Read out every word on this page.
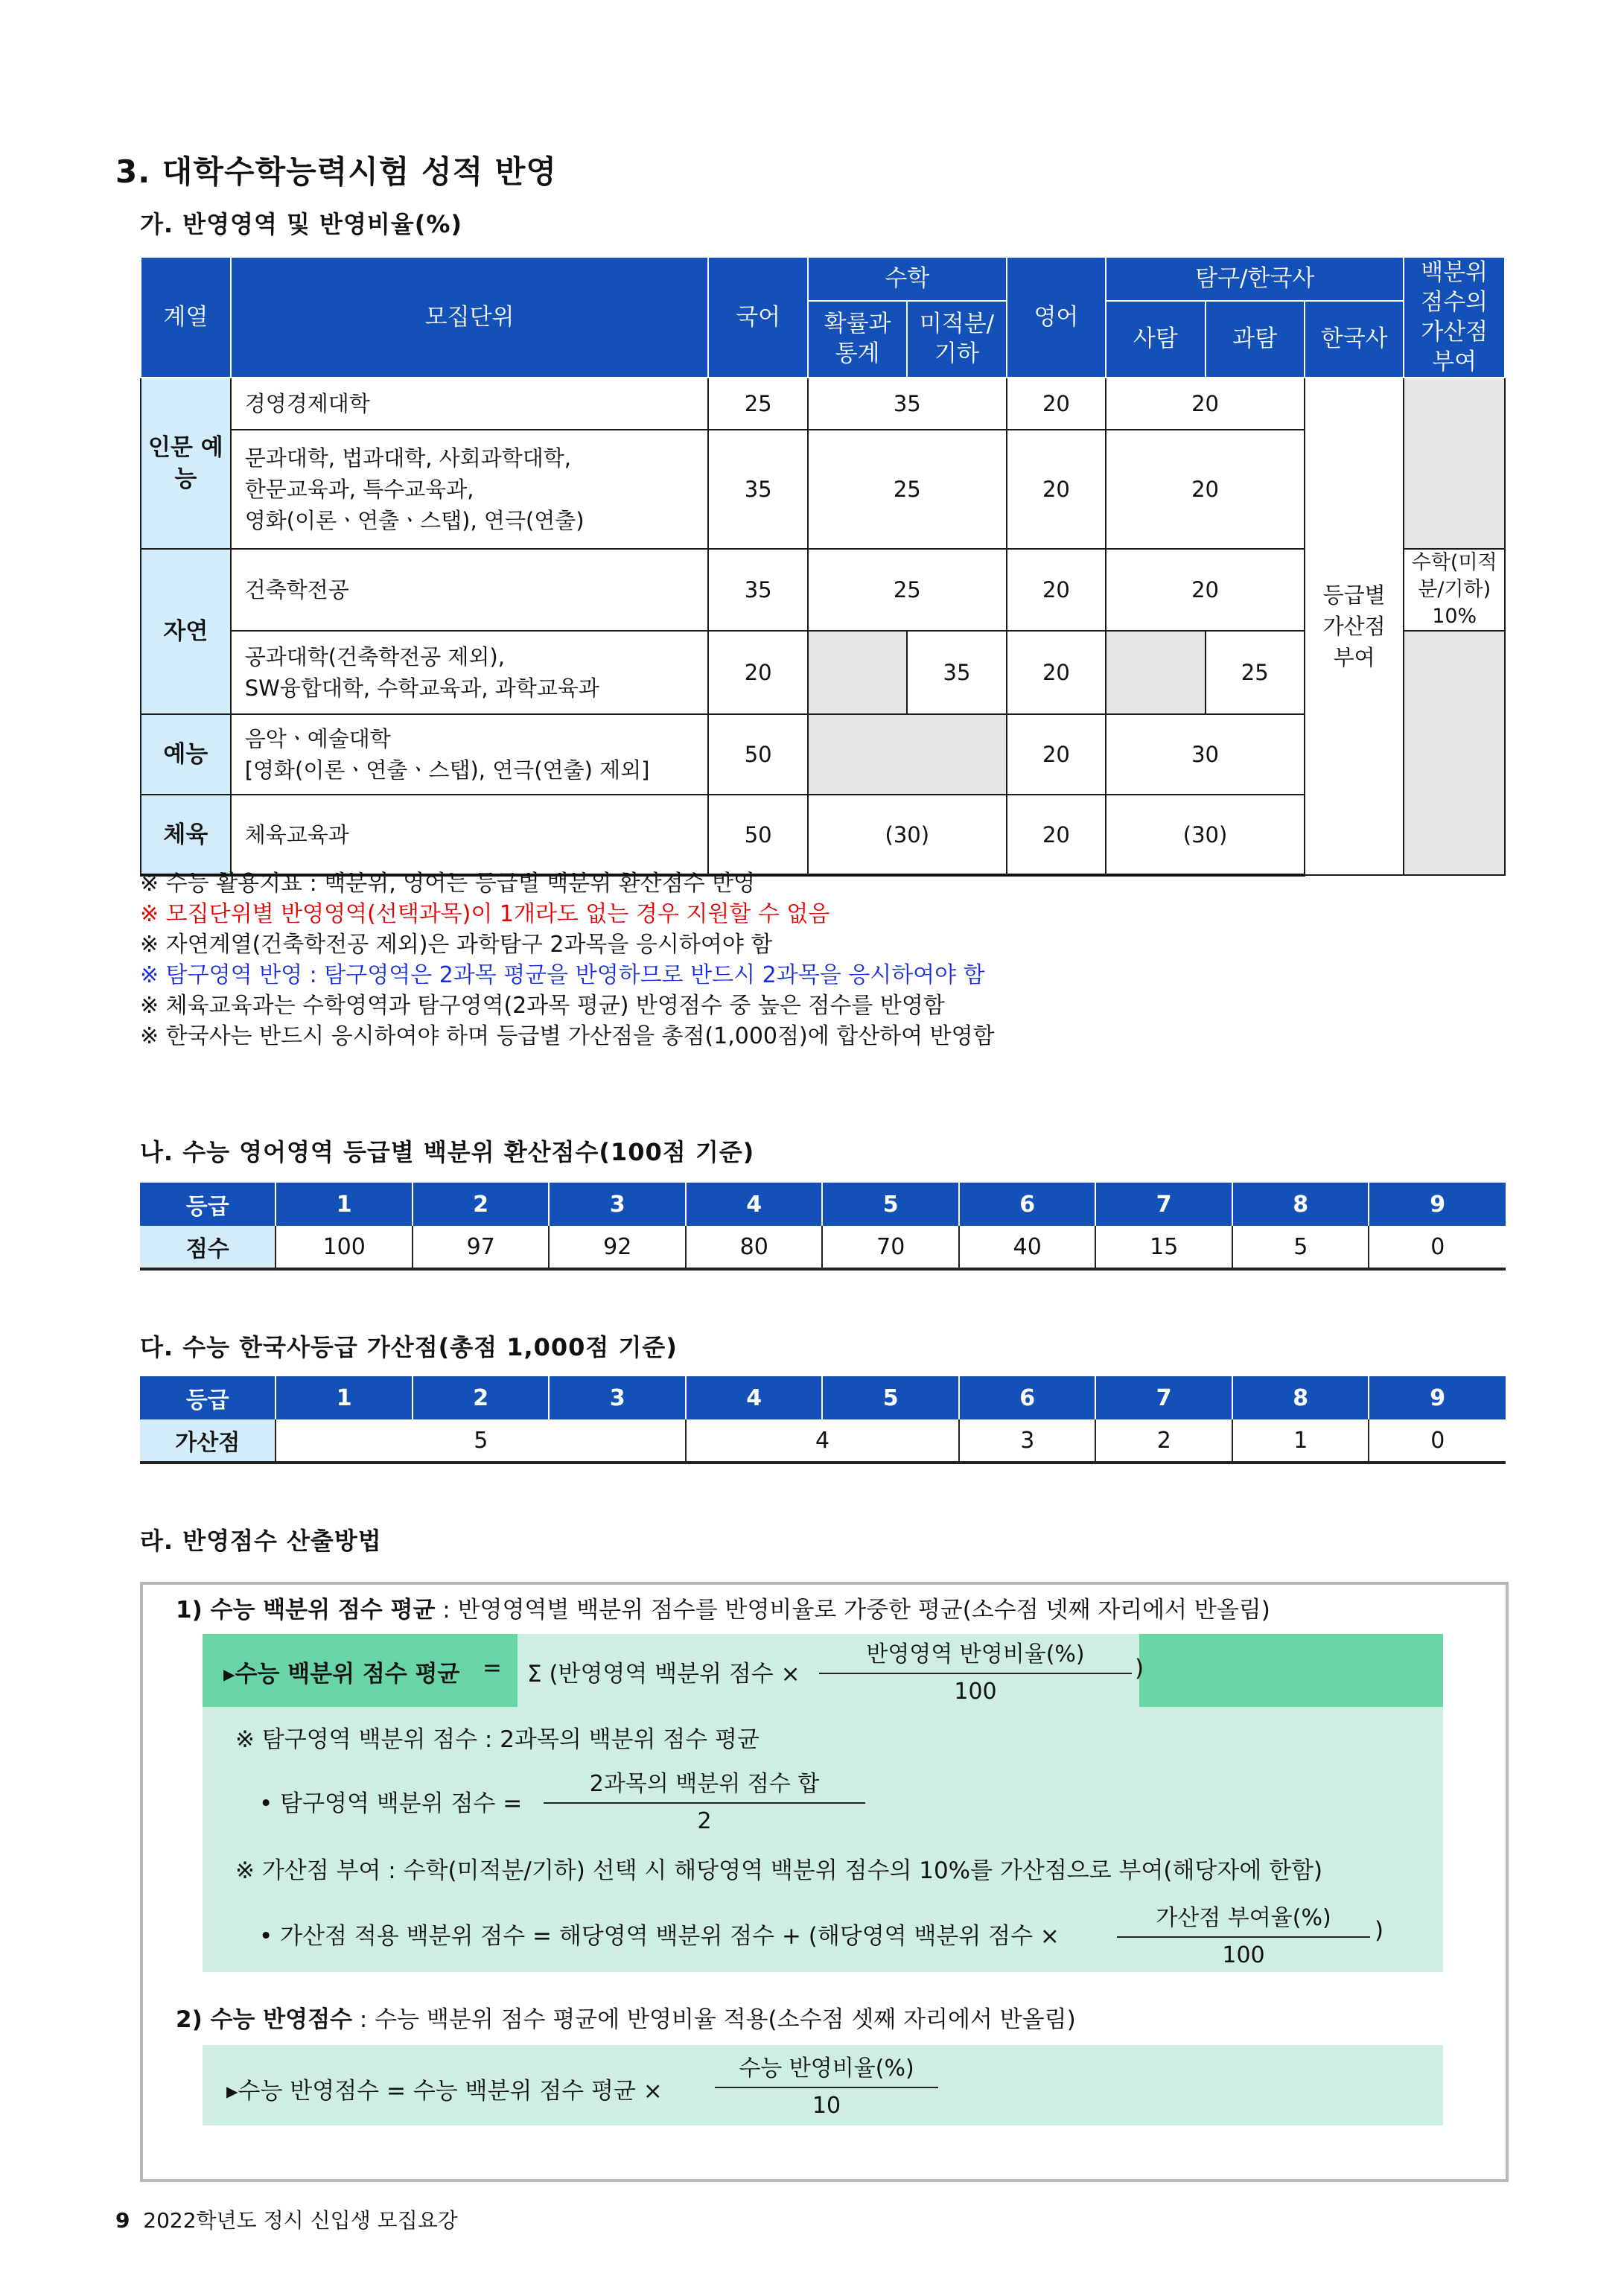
3. 대학수학능력시험 성적 반영
가. 반영영역 및 반영비율(%)
계열	모집단위	국어	수학		영어	탐구/한국사			백분위 점수의 가산점 부여
			확률과 통계	미적분/ 기하		사탐	과탐	한국사	
인문 예능	경영경제대학	25	35		20	20		등급별 가산점 부여	

	문과대학, 법과대학, 사회과학대학,
한문교육과, 특수교육과,
영화(이론ㆍ연출ㆍ스탭), 연극(연출)	35	25		20	20			
자연	건축학전공	35	25		20	20			수학(미적분/기하)
10%

	공과대학(건축학전공 제외),
SW융합대학, 수학교육과, 과학교육과	20		35	20		25		
예능	음악ㆍ예술대학
[영화(이론ㆍ연출ㆍ스탭), 연극(연출) 제외]	50			20	30			
체육	체육교육과	50	(30)		20	(30)			
※ 수능 활용지표 : 백분위, 영어는 등급별 백분위 환산점수 반영
※ 모집단위별 반영영역(선택과목)이 1개라도 없는 경우 지원할 수 없음
※ 자연계열(건축학전공 제외)은 과학탐구 2과목을 응시하여야 함
※ 탐구영역 반영 : 탐구영역은 2과목 평균을 반영하므로 반드시 2과목을 응시하여야 함
※ 체육교육과는 수학영역과 탐구영역(2과목 평균) 반영점수 중 높은 점수를 반영함
※ 한국사는 반드시 응시하여야 하며 등급별 가산점을 총점(1,000점)에 합산하여 반영함
나. 수능 영어영역 등급별 백분위 환산점수(100점 기준)
등급	1	2	3	4	5	6	7	8	9
점수	100	97	92	80	70	40	15	5	0
다. 수능 한국사등급 가산점(총점 1,000점 기준)
등급	1	2	3	4	5	6	7	8	9
가산점	5			4		3	2	1	0
라. 반영점수 산출방법
1) 수능 백분위 점수 평균 : 반영영역별 백분위 점수를 반영비율로 가중한 평균(소수점 넷째 자리에서 반올림)
▸수능 백분위 점수 평균 = Σ (반영영역 백분위 점수 ×
반영영역 반영비율(%)
100
)
※ 탐구영역 백분위 점수 : 2과목의 백분위 점수 평균
• 탐구영역 백분위 점수 =
2과목의 백분위 점수 합
2
※ 가산점 부여 : 수학(미적분/기하) 선택 시 해당영역 백분위 점수의 10%를 가산점으로 부여(해당자에 한함)
• 가산점 적용 백분위 점수 = 해당영역 백분위 점수 + (해당영역 백분위 점수 ×
가산점 부여율(%)
100
)
2) 수능 반영점수 : 수능 백분위 점수 평균에 반영비율 적용(소수점 셋째 자리에서 반올림)
▸수능 반영점수 = 수능 백분위 점수 평균 ×
수능 반영비율(%)
10
9 2022학년도 정시 신입생 모집요강
